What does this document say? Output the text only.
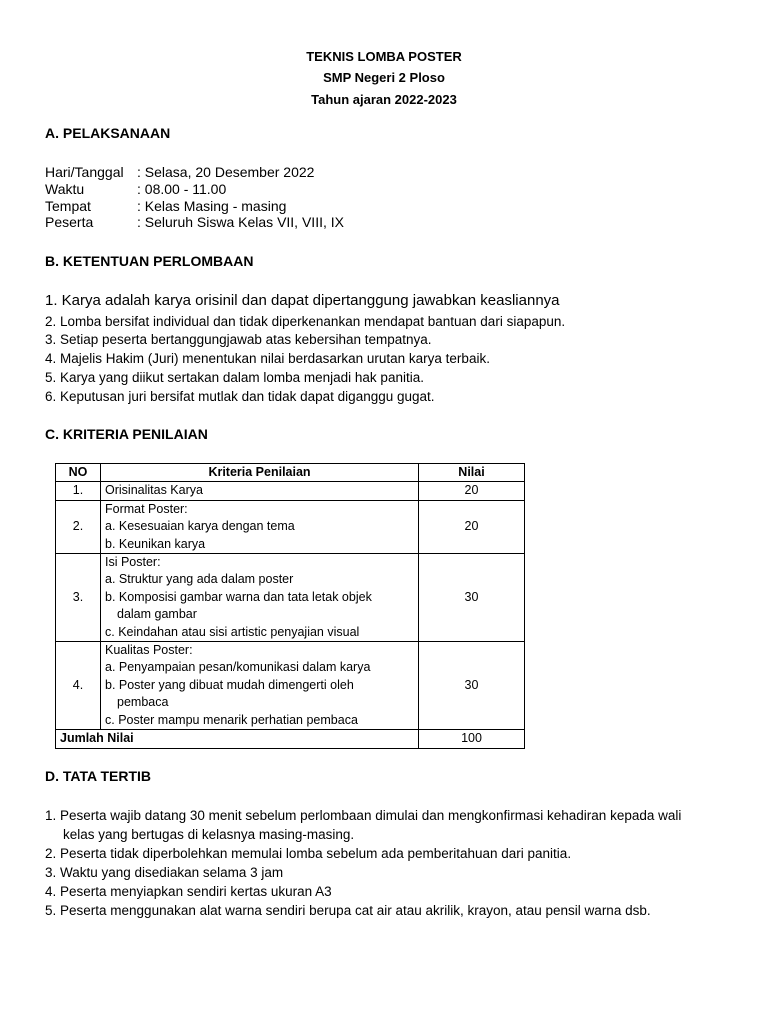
TEKNIS LOMBA POSTER
SMP Negeri 2 Ploso
Tahun ajaran 2022-2023
A. PELAKSANAAN
Hari/Tanggal : Selasa, 20 Desember 2022
Waktu	: 08.00 - 11.00
Tempat	: Kelas Masing - masing
Peserta	: Seluruh Siswa Kelas VII, VIII, IX
B. KETENTUAN PERLOMBAAN
1. Karya adalah karya orisinil dan dapat dipertanggung jawabkan keasliannya
2. Lomba bersifat individual dan tidak diperkenankan mendapat bantuan dari siapapun.
3. Setiap peserta bertanggungjawab atas kebersihan tempatnya.
4. Majelis Hakim (Juri) menentukan nilai berdasarkan urutan karya terbaik.
5. Karya yang diikut sertakan dalam lomba menjadi hak panitia.
6. Keputusan juri bersifat mutlak dan tidak dapat diganggu gugat.
C. KRITERIA PENILAIAN
NO	Kriteria Penilaian	Nilai
1.	Orisinalitas Karya	20
2.	Format Poster:
a. Kesesuaian karya dengan tema
b. Keunikan karya	20
3.	Isi Poster:
a. Struktur yang ada dalam poster
b. Komposisi gambar warna dan tata letak objek
dalam gambar
c. Keindahan atau sisi artistic penyajian visual	30
4.	Kualitas Poster:
a. Penyampaian pesan/komunikasi dalam karya
b. Poster yang dibuat mudah dimengerti oleh
pembaca
c. Poster mampu menarik perhatian pembaca	30
Jumlah Nilai		100
D. TATA TERTIB
1. Peserta wajib datang 30 menit sebelum perlombaan dimulai dan mengkonfirmasi kehadiran kepada wali
kelas yang bertugas di kelasnya masing-masing.
2. Peserta tidak diperbolehkan memulai lomba sebelum ada pemberitahuan dari panitia.
3. Waktu yang disediakan selama 3 jam
4. Peserta menyiapkan sendiri kertas ukuran A3
5. Peserta menggunakan alat warna sendiri berupa cat air atau akrilik, krayon, atau pensil warna dsb.
